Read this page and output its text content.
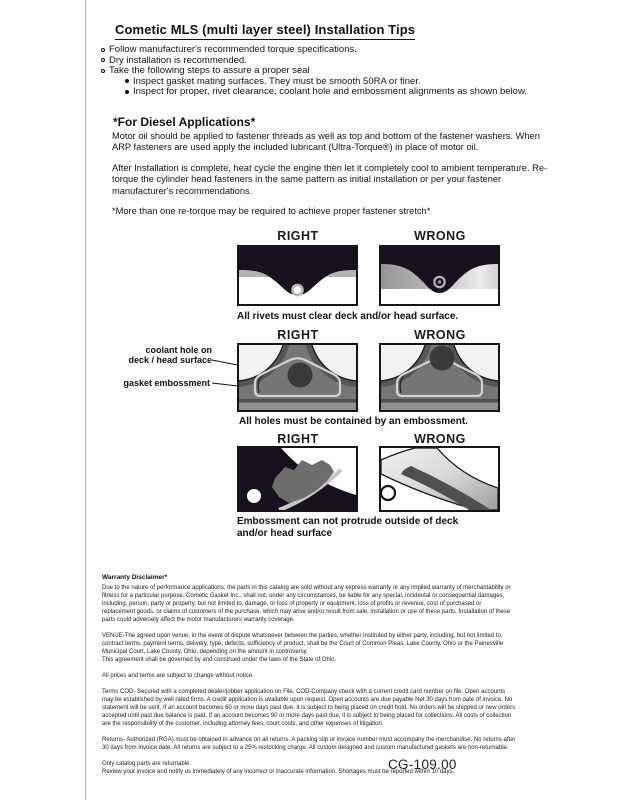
Cometic MLS (multi layer steel) Installation Tips
Follow manufacturer's recommended torque specifications.
Dry installation is recommended.
Take the following steps to assure a proper seal
Inspect gasket mating surfaces. They must be smooth 50RA or finer.
Inspect for proper, rivet clearance, coolant hole and embossment alignments as shown below.
*For Diesel Applications*

Motor oil should be applied to fastener threads as well as top and bottom of the fastener washers. When ARP fasteners are used apply the included lubricant (Ultra-Torque®) in place of motor oil.

After Installation is complete, heat cycle the engine then let it completely cool to ambient temperature. Re-torque the cylinder head fasteners in the same pattern as initial installation or per your fastener manufacturer's recommendations.

*More than one re-torque may be required to achieve proper fastener stretch*

RIGHT	WRONG
All rivets must clear deck and/or head surface.
RIGHT	WRONG
coolant hole on
deck / head surface
gasket embossment
All holes must be contained by an embossment.
RIGHT	WRONG
Embossment can not protrude outside of deck and/or head surface
Warranty Disclaimer*

Due to the nature of performance applications, the parts in this catalog are sold without any express warranty or any implied warranty of merchantability or fitness for a particular purpose. Cometic Gasket Inc., shall not, under any circumstances, be liable for any special, incidental or consequential damages, including, person, party or property, but not limited to, damage, or loss of property or equipment, loss of profits or revenue, cost of purchased or replacement goods, or claims of customers of the purchase, which may arise and/or result from sale, installation or use of these parts. Installation of these parts could adversely affect the motor manufacturers warranty coverage.

VENUE-The agreed upon venue, in the event of dispute whatsoever between the parties, whether instituted by either party, including, but not limited to, contract terms, payment terms, delivery, type, defects, sufficiency of product, shall be the Court of Common Pleas, Lake County, Ohio or the Painesville Municipal Court, Lake County, Ohio, depending on the amount in controversy.

This agreement shall be governed by and construed under the laws of the State of Ohio.

All prices and terms are subject to change without notice.

Terms COD- Secured with a completed dealer/jobber application on File, COD-Company check with a current credit card number on file. Open accounts may be established by well rated firms. A credit application is available upon request. Open accounts are due payable Net 30 days from date of invoice. No statement will be sent. If an account becomes 60 or more days past due, it is subject to being placed on credit hold. No orders will be shipped or new orders accepted until past due balance is paid. If an account becomes 90 or more days past due, it is subject to being placed for collections. All costs of collection are the responsibility of the customer, including attorney fees, court costs, and other expenses of litigation.

Returns- Authorized (RGA) must be obtained in advance on all returns. A packing slip or invoice number must accompany the merchandise. No returns after 30 days from invoice date. All returns are subject to a 25% restocking charge. All custom designed and custom manufactured gaskets are non-returnable.

Only catalog parts are returnable.

Review your invoice and notify us immediately of any incorrect or inaccurate information. Shortages must be reported within 10 days.

CG-109.00
